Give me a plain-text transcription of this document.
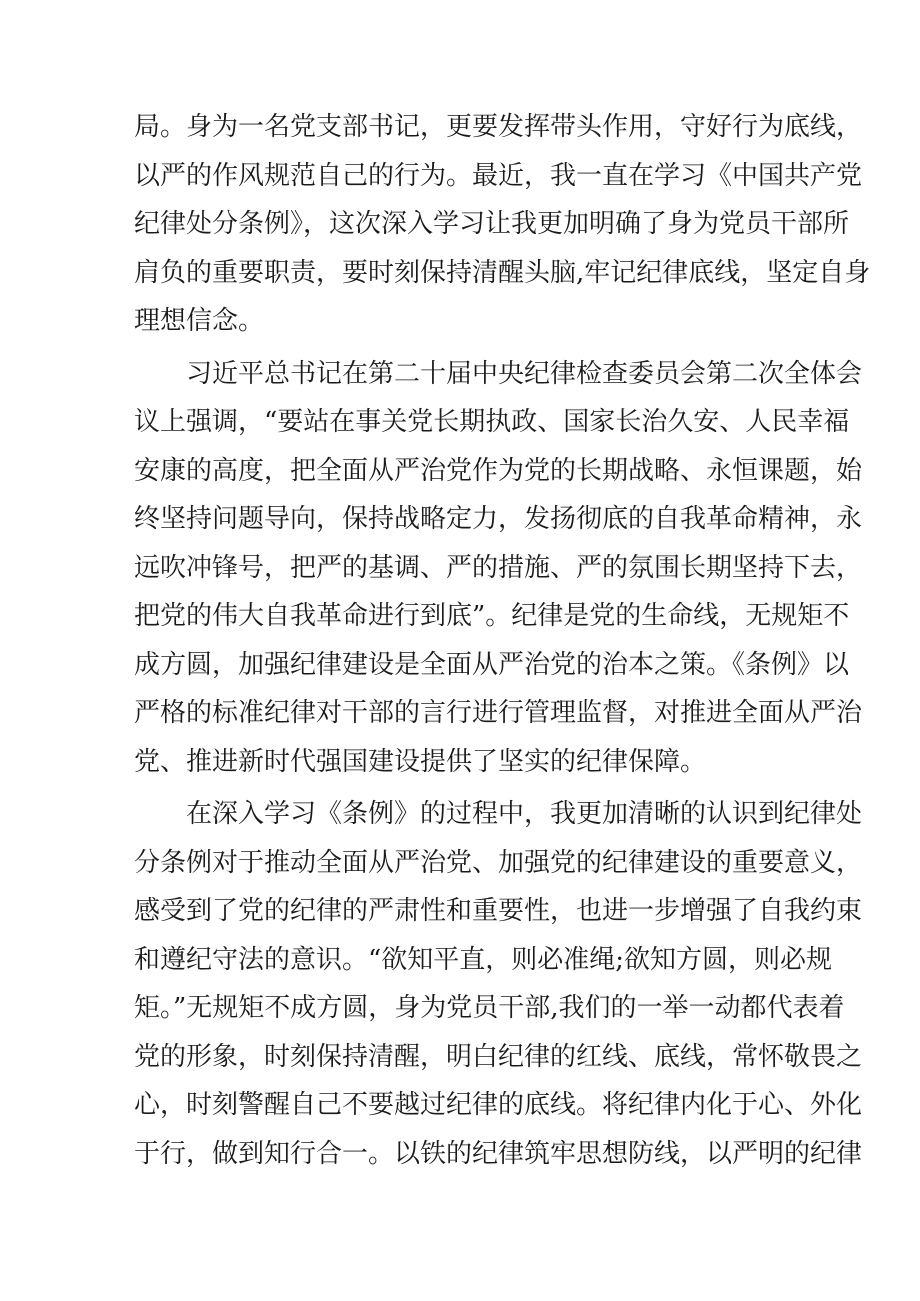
局。身为一名党支部书记，更要发挥带头作用，守好行为底线，
以严的作风规范自己的行为。最近，我一直在学习《中国共产党
纪律处分条例》，这次深入学习让我更加明确了身为党员干部所
肩负的重要职责，要时刻保持清醒头脑,牢记纪律底线，坚定自身
理想信念。
习近平总书记在第二十届中央纪律检查委员会第二次全体会
议上强调，“要站在事关党长期执政、国家长治久安、人民幸福
安康的高度，把全面从严治党作为党的长期战略、永恒课题，始
终坚持问题导向，保持战略定力，发扬彻底的自我革命精神，永
远吹冲锋号，把严的基调、严的措施、严的氛围长期坚持下去，
把党的伟大自我革命进行到底”。纪律是党的生命线，无规矩不
成方圆，加强纪律建设是全面从严治党的治本之策。《条例》以
严格的标准纪律对干部的言行进行管理监督，对推进全面从严治
党、推进新时代强国建设提供了坚实的纪律保障。
在深入学习《条例》的过程中，我更加清晰的认识到纪律处
分条例对于推动全面从严治党、加强党的纪律建设的重要意义，
感受到了党的纪律的严肃性和重要性，也进一步增强了自我约束
和遵纪守法的意识。“欲知平直，则必准绳;欲知方圆，则必规
矩。”无规矩不成方圆，身为党员干部,我们的一举一动都代表着
党的形象，时刻保持清醒，明白纪律的红线、底线，常怀敬畏之
心，时刻警醒自己不要越过纪律的底线。将纪律内化于心、外化
于行，做到知行合一。以铁的纪律筑牢思想防线，以严明的纪律
